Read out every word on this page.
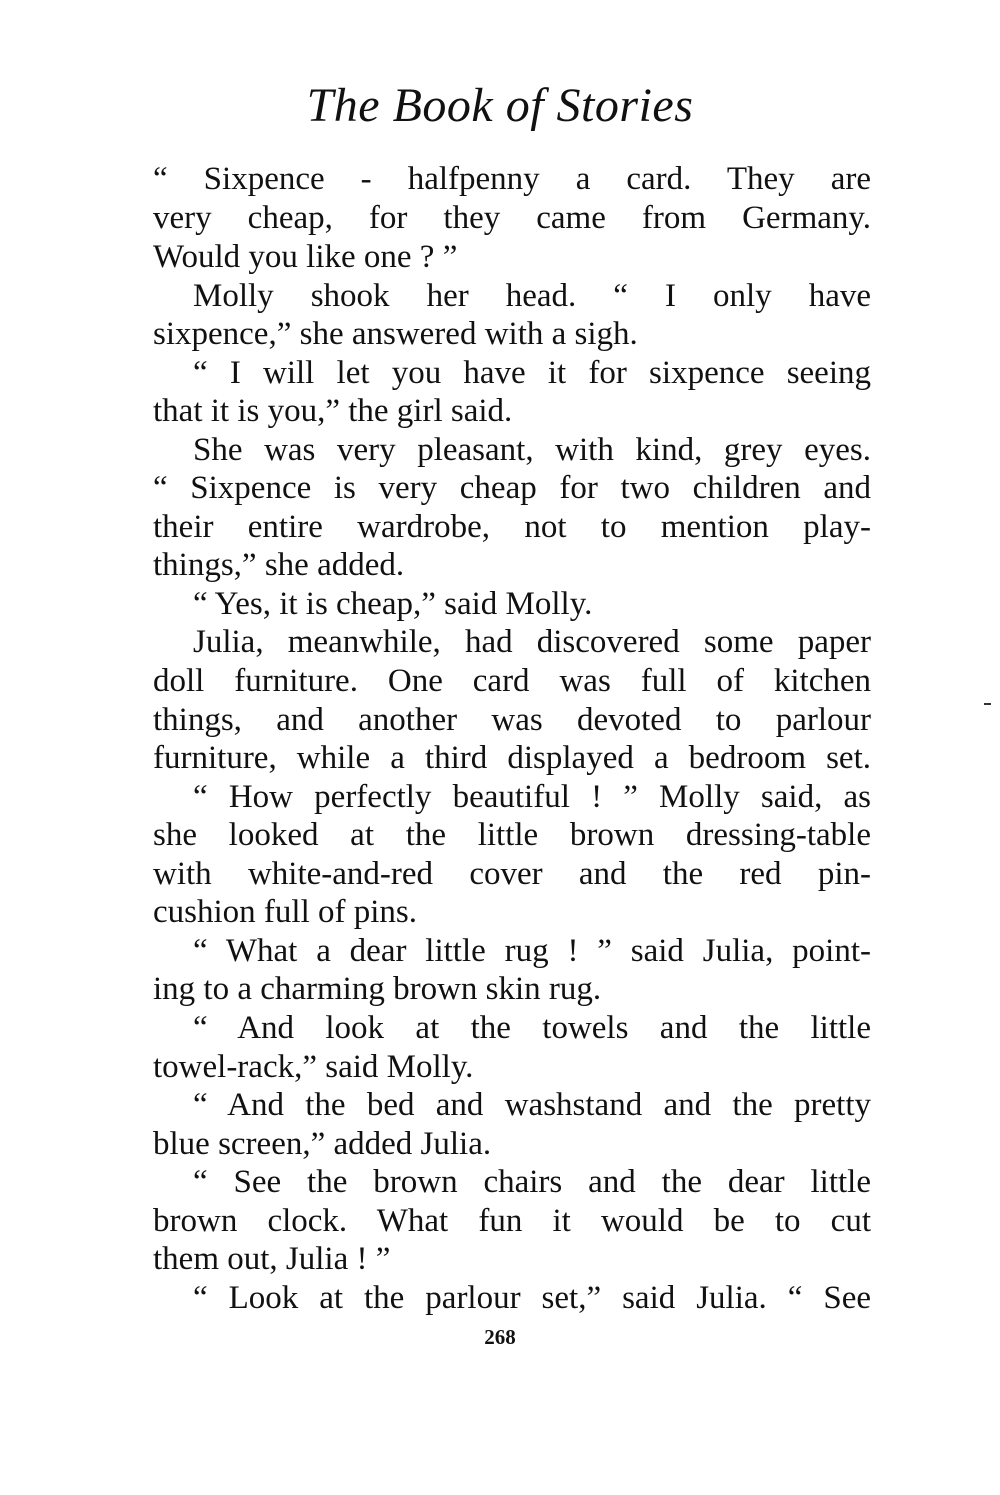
The Book of Stories
“ Sixpence - halfpenny a card. They are
very cheap, for they came from Germany.
Would you like one ? ”
Molly shook her head. “ I only have
sixpence,” she answered with a sigh.
“ I will let you have it for sixpence seeing
that it is you,” the girl said.
She was very pleasant, with kind, grey eyes.
“ Sixpence is very cheap for two children and
their entire wardrobe, not to mention play-
things,” she added.
“ Yes, it is cheap,” said Molly.
Julia, meanwhile, had discovered some paper
doll furniture. One card was full of kitchen
things, and another was devoted to parlour
furniture, while a third displayed a bedroom set.
“ How perfectly beautiful ! ” Molly said, as
she looked at the little brown dressing-table
with white-and-red cover and the red pin-
cushion full of pins.
“ What a dear little rug ! ” said Julia, point-
ing to a charming brown skin rug.
“ And look at the towels and the little
towel-rack,” said Molly.
“ And the bed and washstand and the pretty
blue screen,” added Julia.
“ See the brown chairs and the dear little
brown clock. What fun it would be to cut
them out, Julia ! ”
“ Look at the parlour set,” said Julia. “ See
268
